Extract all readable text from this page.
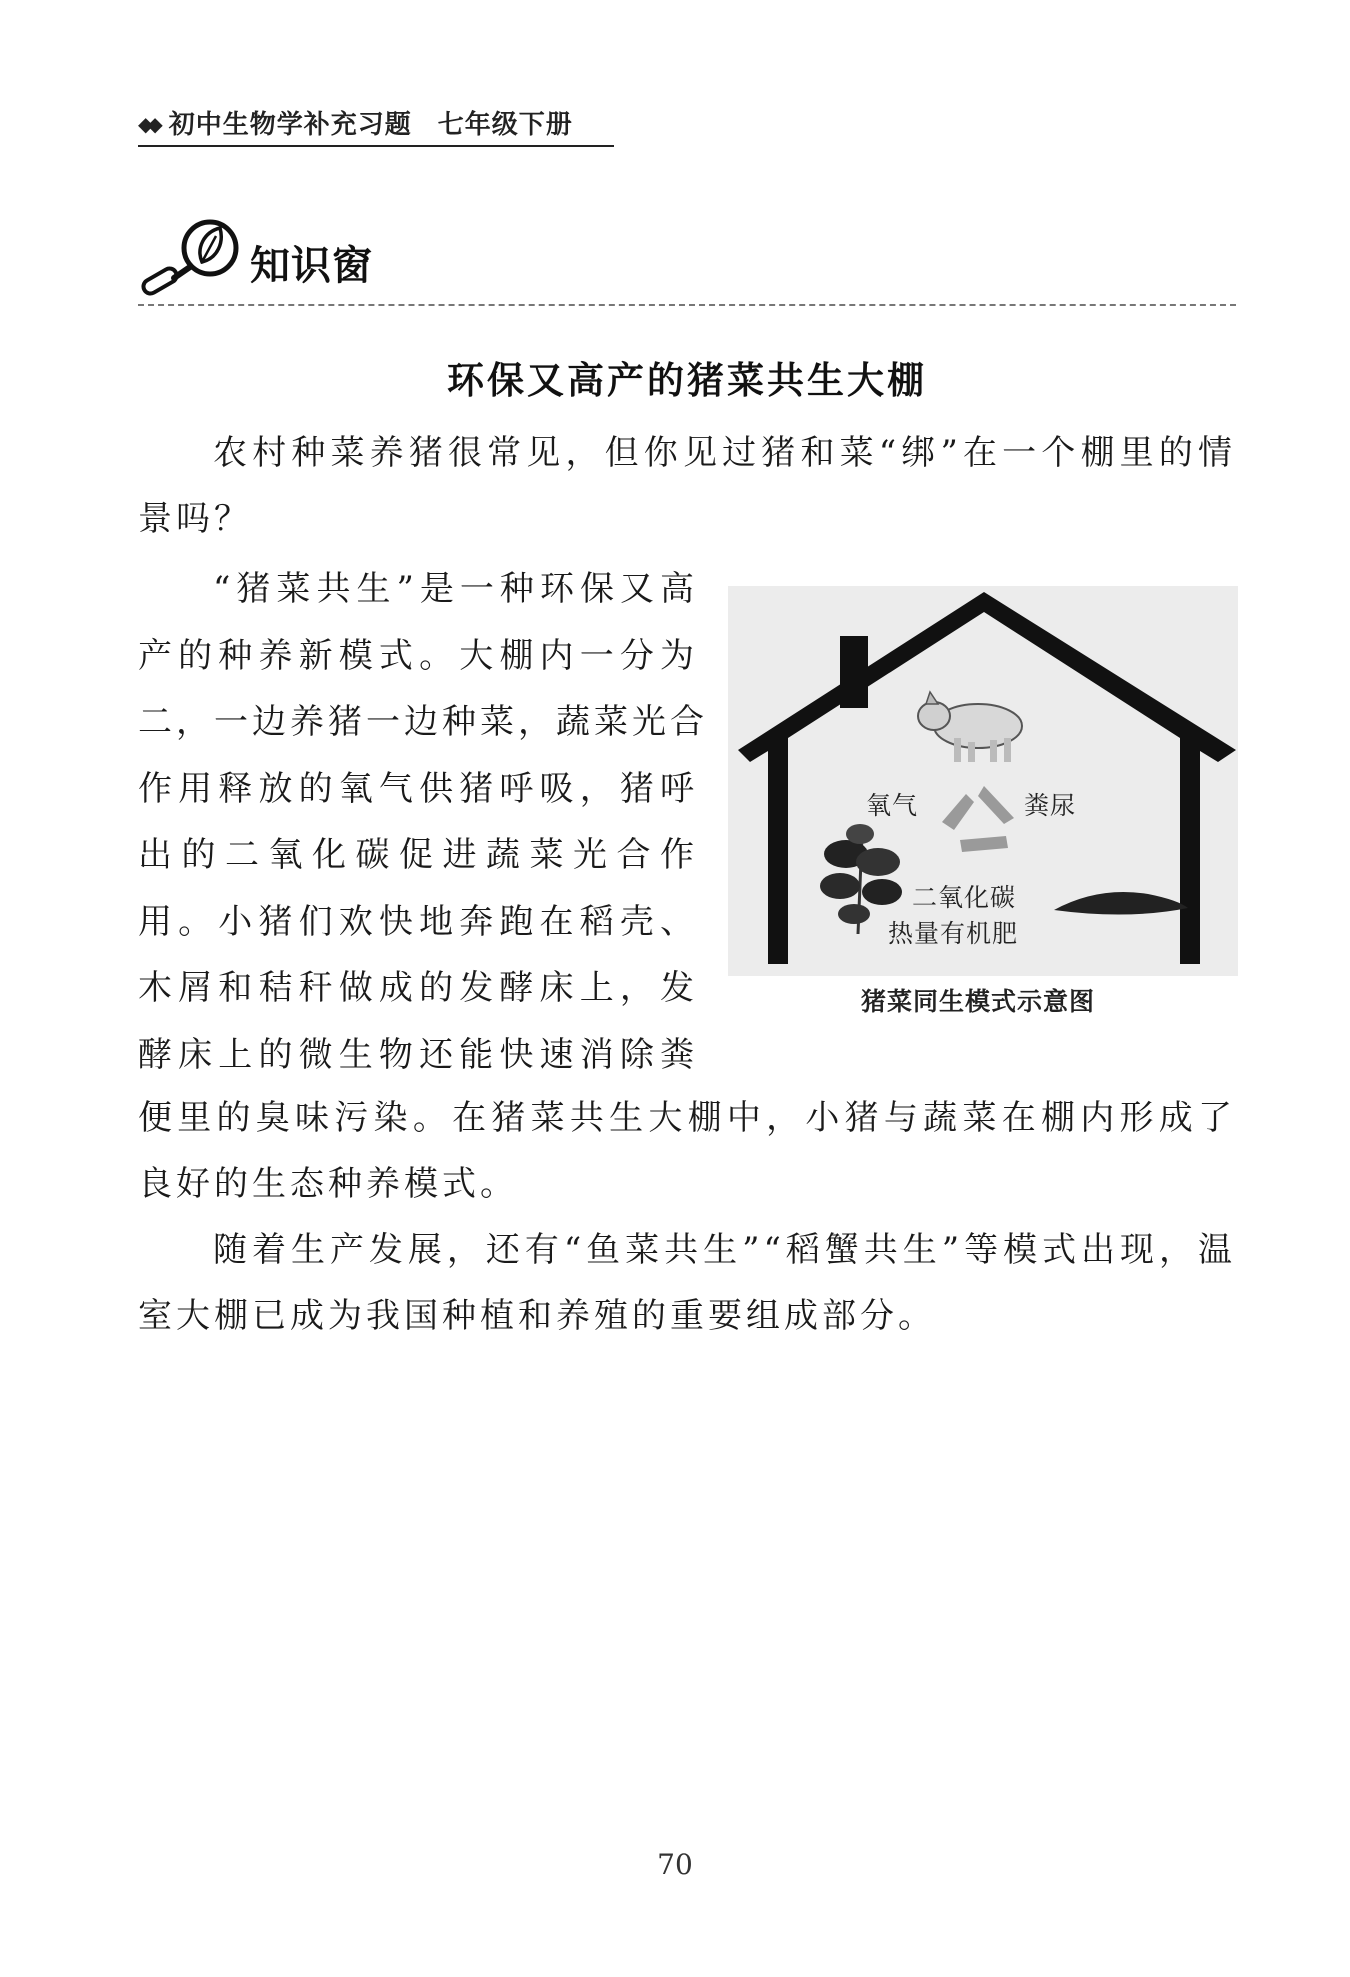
◆◆ 初中生物学补充习题 七年级下册
知识窗
环保又高产的猪菜共生大棚
农村种菜养猪很常见，但你见过猪和菜“绑”在一个棚里的情
景吗？
“猪菜共生”是一种环保又高
产的种养新模式。大棚内一分为
二，一边养猪一边种菜，蔬菜光合
作用释放的氧气供猪呼吸，猪呼
出的二氧化碳促进蔬菜光合作
用。小猪们欢快地奔跑在稻壳、
木屑和秸秆做成的发酵床上，发
酵床上的微生物还能快速消除粪
便里的臭味污染。在猪菜共生大棚中，小猪与蔬菜在棚内形成了
良好的生态种养模式。
随着生产发展，还有“鱼菜共生”“稻蟹共生”等模式出现，温
室大棚已成为我国种植和养殖的重要组成部分。
氧气	粪尿
二氧化碳
热量有机肥
猪菜同生模式示意图
70
